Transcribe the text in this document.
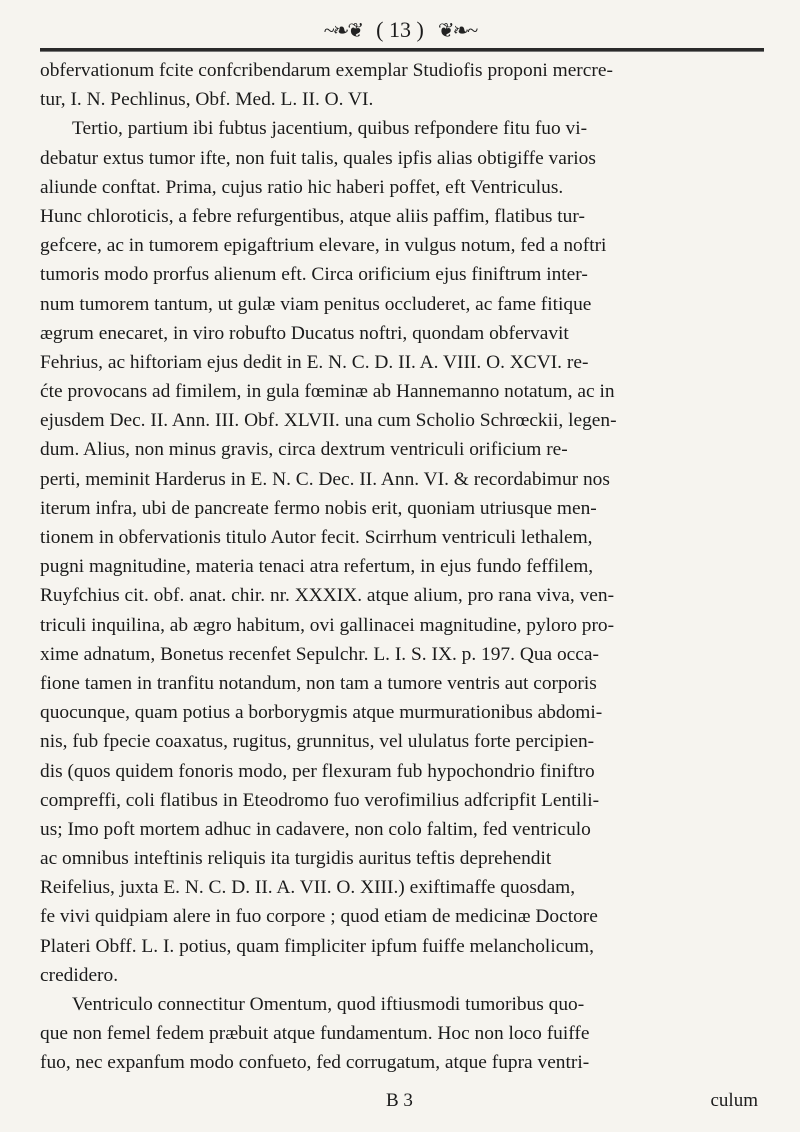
~❧❦ ( 13 ) ❦❧~
obfervationum fcite confcribendarum exemplar Studiofis proponi mercre-
tur, I. N. Pechlinus, Obf. Med. L. II. O. VI.
Tertio, partium ibi fubtus jacentium, quibus refpondere fitu fuo vi-
debatur extus tumor ifte, non fuit talis, quales ipfis alias obtigiffe varios
aliunde conftat. Prima, cujus ratio hic haberi poffet, eft Ventriculus.
Hunc chloroticis, a febre refurgentibus, atque aliis paffim, flatibus tur-
gefcere, ac in tumorem epigaftrium elevare, in vulgus notum, fed a noftri
tumoris modo prorfus alienum eft. Circa orificium ejus finiftrum inter-
num tumorem tantum, ut gulæ viam penitus occluderet, ac fame fitique
ægrum enecaret, in viro robufto Ducatus noftri, quondam obfervavit
Fehrius, ac hiftoriam ejus dedit in E. N. C. D. II. A. VIII. O. XCVI. re-
ćte provocans ad fimilem, in gula fœminæ ab Hannemanno notatum, ac in
ejusdem Dec. II. Ann. III. Obf. XLVII. una cum Scholio Schrœckii, legen-
dum. Alius, non minus gravis, circa dextrum ventriculi orificium re-
perti, meminit Harderus in E. N. C. Dec. II. Ann. VI. & recordabimur nos
iterum infra, ubi de pancreate fermo nobis erit, quoniam utriusque men-
tionem in obfervationis titulo Autor fecit. Scirrhum ventriculi lethalem,
pugni magnitudine, materia tenaci atra refertum, in ejus fundo feffilem,
Ruyfchius cit. obf. anat. chir. nr. XXXIX. atque alium, pro rana viva, ven-
triculi inquilina, ab ægro habitum, ovi gallinacei magnitudine, pyloro pro-
xime adnatum, Bonetus recenfet Sepulchr. L. I. S. IX. p. 197. Qua occa-
fione tamen in tranfitu notandum, non tam a tumore ventris aut corporis
quocunque, quam potius a borborygmis atque murmurationibus abdomi-
nis, fub fpecie coaxatus, rugitus, grunnitus, vel ululatus forte percipien-
dis (quos quidem fonoris modo, per flexuram fub hypochondrio finiftro
compreffi, coli flatibus in Eteodromo fuo verofimilius adfcripfit Lentili-
us; Imo poft mortem adhuc in cadavere, non colo faltim, fed ventriculo
ac omnibus inteftinis reliquis ita turgidis auritus teftis deprehendit
Reifelius, juxta E. N. C. D. II. A. VII. O. XIII.) exiftimaffe quosdam,
fe vivi quidpiam alere in fuo corpore ; quod etiam de medicinæ Doctore
Plateri Obff. L. I. potius, quam fimpliciter ipfum fuiffe melancholicum,
credidero.
Ventriculo connectitur Omentum, quod iftiusmodi tumoribus quo-
que non femel fedem præbuit atque fundamentum. Hoc non loco fuiffe
fuo, nec expanfum modo confueto, fed corrugatum, atque fupra ventri-
B 3	culum
